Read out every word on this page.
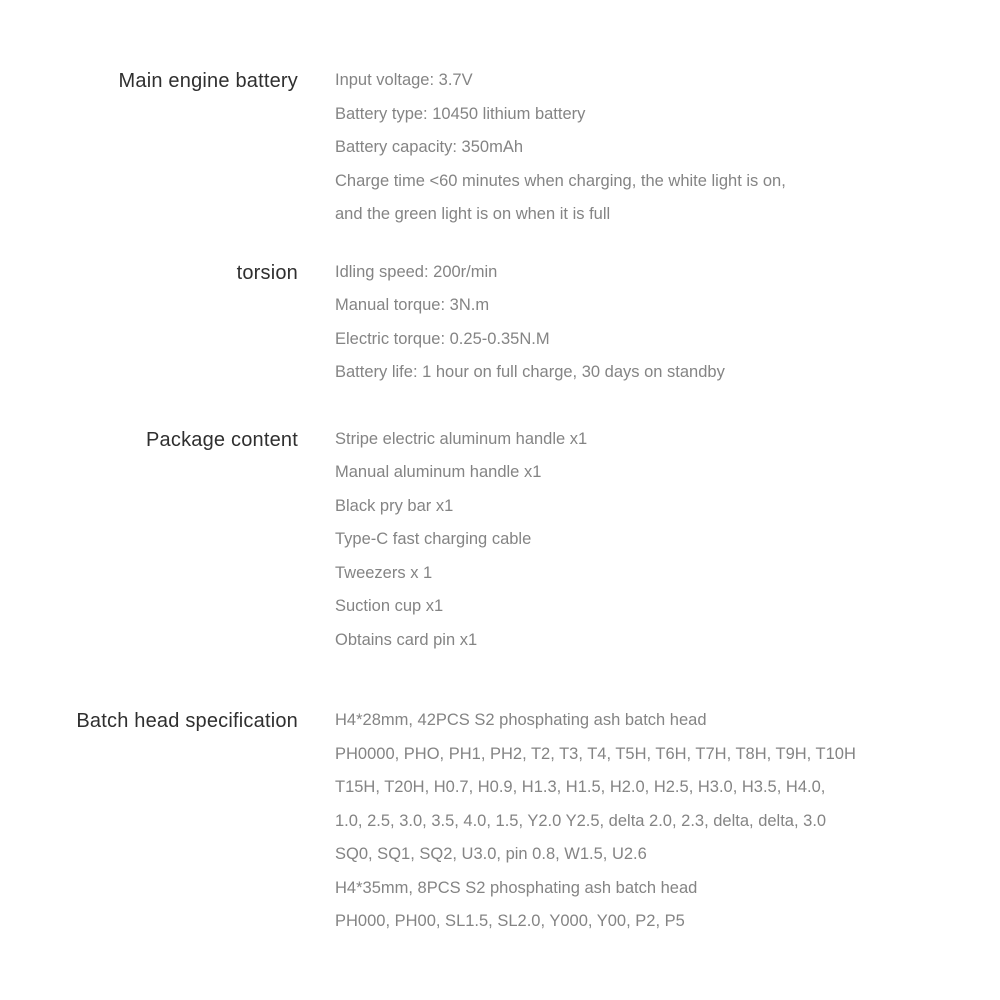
Main engine battery Input voltage: 3.7V
Battery type: 10450 lithium battery
Battery capacity: 350mAh
Charge time <60 minutes when charging, the white light is on,
and the green light is on when it is full
torsion Idling speed: 200r/min
Manual torque: 3N.m
Electric torque: 0.25-0.35N.M
Battery life: 1 hour on full charge, 30 days on standby
Package content Stripe electric aluminum handle x1
Manual aluminum handle x1
Black pry bar x1
Type-C fast charging cable
Tweezers x 1
Suction cup x1
Obtains card pin x1
Batch head specification H4*28mm, 42PCS S2 phosphating ash batch head
PH0000, PHO, PH1, PH2, T2, T3, T4, T5H, T6H, T7H, T8H, T9H, T10H
T15H, T20H, H0.7, H0.9, H1.3, H1.5, H2.0, H2.5, H3.0, H3.5, H4.0,
1.0, 2.5, 3.0, 3.5, 4.0, 1.5, Y2.0 Y2.5, delta 2.0, 2.3, delta, delta, 3.0
SQ0, SQ1, SQ2, U3.0, pin 0.8, W1.5, U2.6
H4*35mm, 8PCS S2 phosphating ash batch head
PH000, PH00, SL1.5, SL2.0, Y000, Y00, P2, P5
